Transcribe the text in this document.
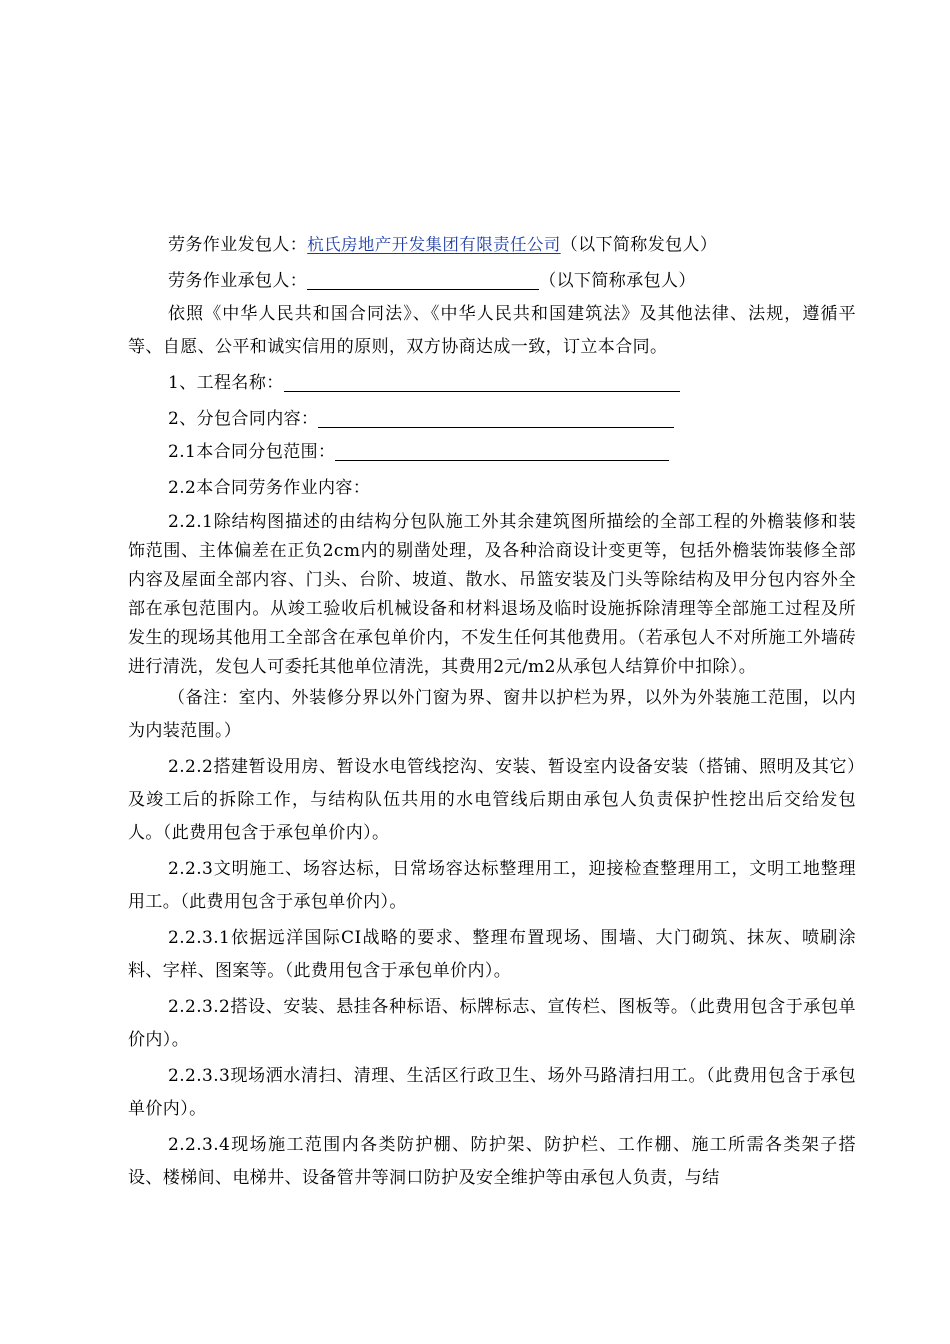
劳务作业发包人：杭氏房地产开发集团有限责任公司（以下简称发包人）

劳务作业承包人：	（以下简称承包人）

依照《中华人民共和国合同法》、《中华人民共和国建筑法》及其他法律、法规，遵循平等、自愿、公平和诚实信用的原则，双方协商达成一致，订立本合同。

1、工程名称：

2、分包合同内容：

2.1本合同分包范围：

2.2本合同劳务作业内容：

2.2.1除结构图描述的由结构分包队施工外其余建筑图所描绘的全部工程的外檐装修和装饰范围、主体偏差在正负2cm内的剔凿处理，及各种洽商设计变更等，包括外檐装饰装修全部内容及屋面全部内容、门头、台阶、坡道、散水、吊篮安装及门头等除结构及甲分包内容外全部在承包范围内。从竣工验收后机械设备和材料退场及临时设施拆除清理等全部施工过程及所发生的现场其他用工全部含在承包单价内，不发生任何其他费用。（若承包人不对所施工外墙砖进行清洗，发包人可委托其他单位清洗，其费用2元/m2从承包人结算价中扣除）。

（备注：室内、外装修分界以外门窗为界、窗井以护栏为界，以外为外装施工范围，以内为内装范围。）

2.2.2搭建暂设用房、暂设水电管线挖沟、安装、暂设室内设备安装（搭铺、照明及其它）及竣工后的拆除工作，与结构队伍共用的水电管线后期由承包人负责保护性挖出后交给发包人。（此费用包含于承包单价内）。

2.2.3文明施工、场容达标，日常场容达标整理用工，迎接检查整理用工，文明工地整理用工。（此费用包含于承包单价内）。

2.2.3.1依据远洋国际CI战略的要求、整理布置现场、围墙、大门砌筑、抹灰、喷刷涂料、字样、图案等。（此费用包含于承包单价内）。

2.2.3.2搭设、安装、悬挂各种标语、标牌标志、宣传栏、图板等。（此费用包含于承包单价内）。

2.2.3.3现场洒水清扫、清理、生活区行政卫生、场外马路清扫用工。（此费用包含于承包单价内）。

2.2.3.4现场施工范围内各类防护棚、防护架、防护栏、工作棚、施工所需各类架子搭设、楼梯间、电梯井、设备管井等洞口防护及安全维护等由承包人负责，与结
